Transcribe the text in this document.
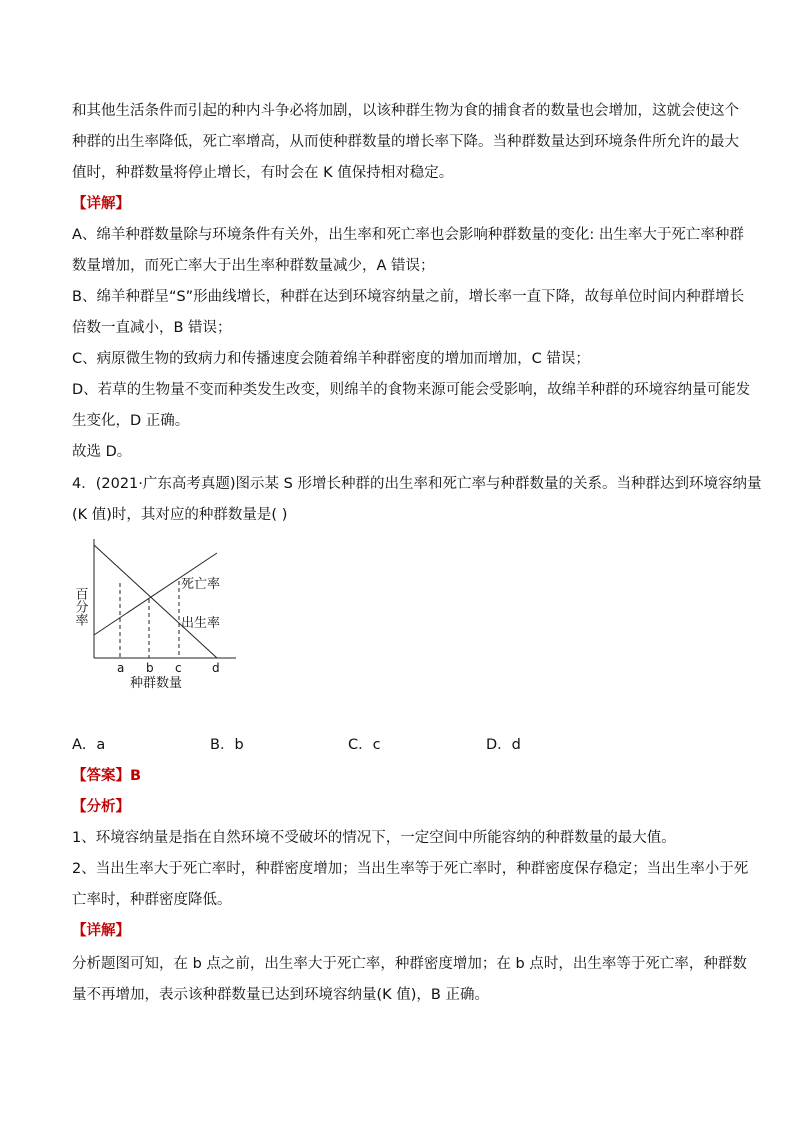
和其他生活条件而引起的种内斗争必将加剧，以该种群生物为食的捕食者的数量也会增加，这就会使这个
种群的出生率降低，死亡率增高，从而使种群数量的增长率下降。当种群数量达到环境条件所允许的最大
值时，种群数量将停止增长，有时会在 K 值保持相对稳定。
【详解】
A、绵羊种群数量除与环境条件有关外，出生率和死亡率也会影响种群数量的变化: 出生率大于死亡率种群
数量增加，而死亡率大于出生率种群数量减少，A 错误；
B、绵羊种群呈“S”形曲线增长，种群在达到环境容纳量之前，增长率一直下降，故每单位时间内种群增长
倍数一直减小，B 错误；
C、病原微生物的致病力和传播速度会随着绵羊种群密度的增加而增加，C 错误；
D、若草的生物量不变而种类发生改变，则绵羊的食物来源可能会受影响，故绵羊种群的环境容纳量可能发
生变化，D 正确。
故选 D。
4．(2021·广东高考真题)图示某 S 形增长种群的出生率和死亡率与种群数量的关系。当种群达到环境容纳量
(K 值)时，其对应的种群数量是( )
百分率
死亡率
出生率
a b c	d
种群数量
A．a	B．b	C．c	D．d
【答案】B
【分析】
1、环境容纳量是指在自然环境不受破坏的情况下，一定空间中所能容纳的种群数量的最大值。
2、当出生率大于死亡率时，种群密度增加；当出生率等于死亡率时，种群密度保存稳定；当出生率小于死
亡率时，种群密度降低。
【详解】
分析题图可知，在 b 点之前，出生率大于死亡率，种群密度增加；在 b 点时，出生率等于死亡率，种群数
量不再增加，表示该种群数量已达到环境容纳量(K 值)，B 正确。
